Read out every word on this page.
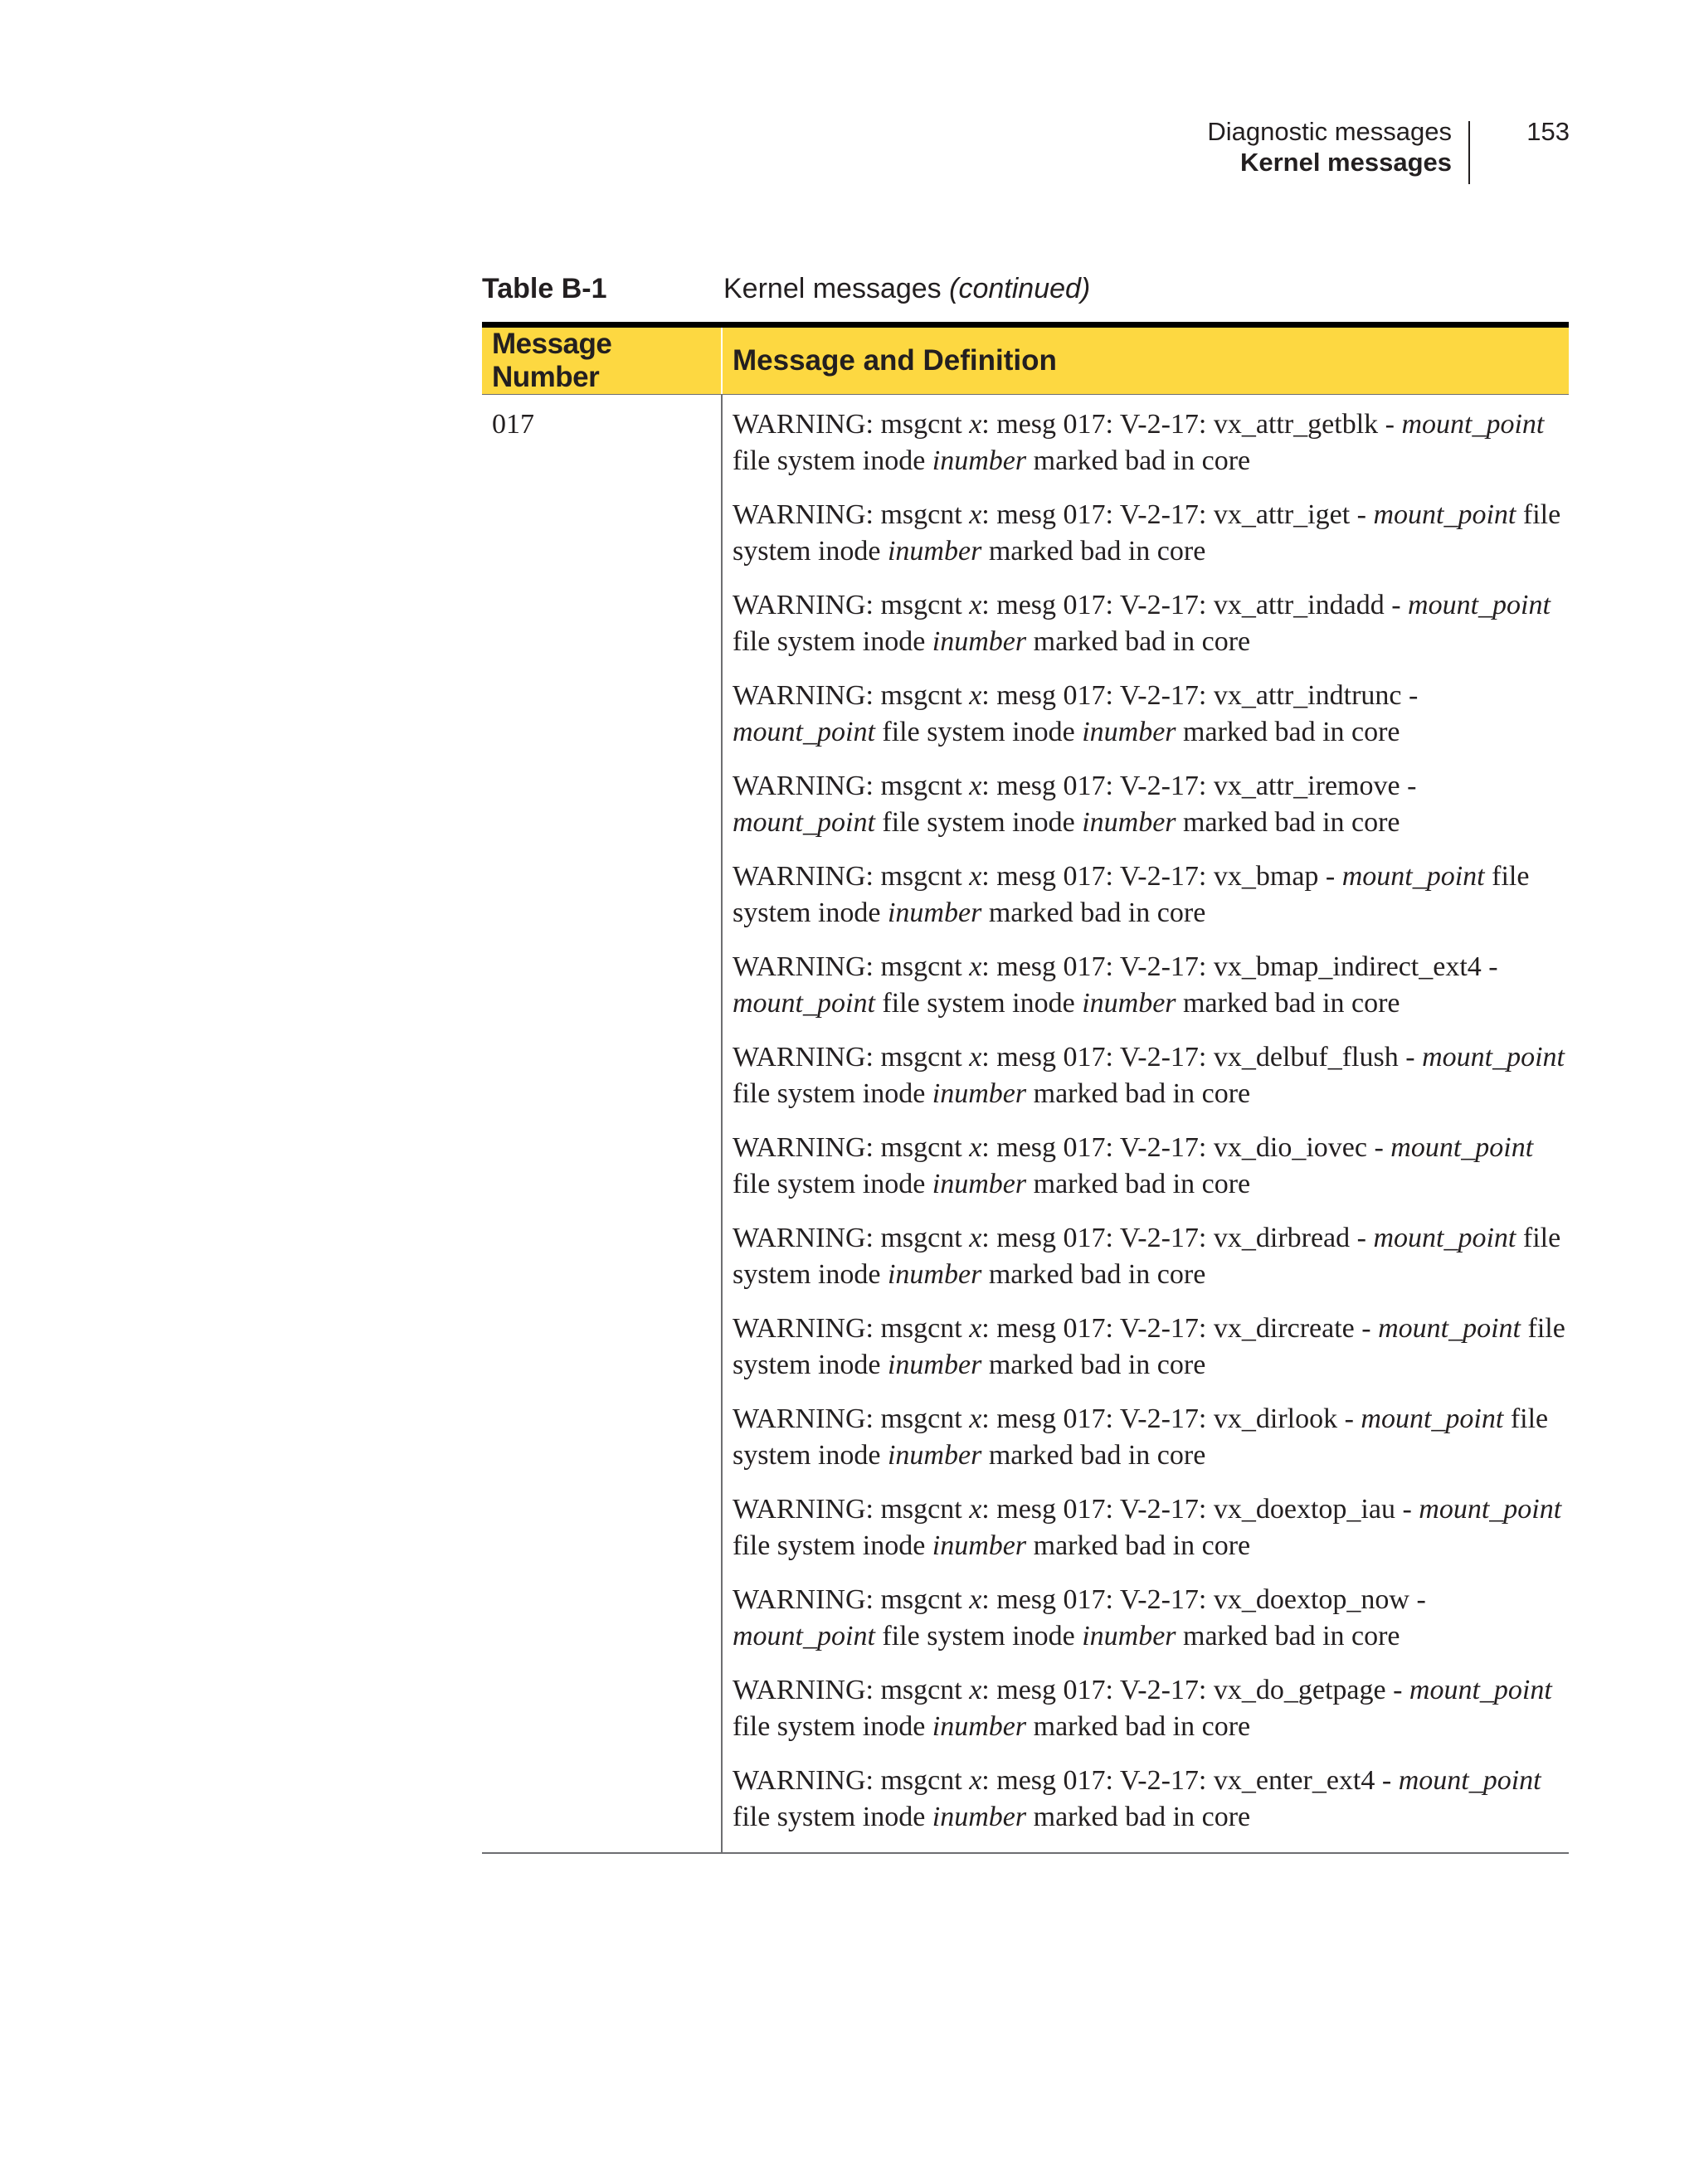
Diagnostic messages
Kernel messages
153
Table B-1	Kernel messages (continued)
Message Number
Message and Definition
017	WARNING: msgcnt x: mesg 017: V-2-17: vx_attr_getblk - mount_point file system inode inumber marked bad in core
WARNING: msgcnt x: mesg 017: V-2-17: vx_attr_iget - mount_point file system inode inumber marked bad in core
WARNING: msgcnt x: mesg 017: V-2-17: vx_attr_indadd - mount_point file system inode inumber marked bad in core
WARNING: msgcnt x: mesg 017: V-2-17: vx_attr_indtrunc - mount_point file system inode inumber marked bad in core
WARNING: msgcnt x: mesg 017: V-2-17: vx_attr_iremove - mount_point file system inode inumber marked bad in core
WARNING: msgcnt x: mesg 017: V-2-17: vx_bmap - mount_point file system inode inumber marked bad in core
WARNING: msgcnt x: mesg 017: V-2-17: vx_bmap_indirect_ext4 - mount_point file system inode inumber marked bad in core
WARNING: msgcnt x: mesg 017: V-2-17: vx_delbuf_flush - mount_point file system inode inumber marked bad in core
WARNING: msgcnt x: mesg 017: V-2-17: vx_dio_iovec - mount_point file system inode inumber marked bad in core
WARNING: msgcnt x: mesg 017: V-2-17: vx_dirbread - mount_point file system inode inumber marked bad in core
WARNING: msgcnt x: mesg 017: V-2-17: vx_dircreate - mount_point file system inode inumber marked bad in core
WARNING: msgcnt x: mesg 017: V-2-17: vx_dirlook - mount_point file system inode inumber marked bad in core
WARNING: msgcnt x: mesg 017: V-2-17: vx_doextop_iau - mount_point file system inode inumber marked bad in core
WARNING: msgcnt x: mesg 017: V-2-17: vx_doextop_now - mount_point file system inode inumber marked bad in core
WARNING: msgcnt x: mesg 017: V-2-17: vx_do_getpage - mount_point file system inode inumber marked bad in core
WARNING: msgcnt x: mesg 017: V-2-17: vx_enter_ext4 - mount_point file system inode inumber marked bad in core
